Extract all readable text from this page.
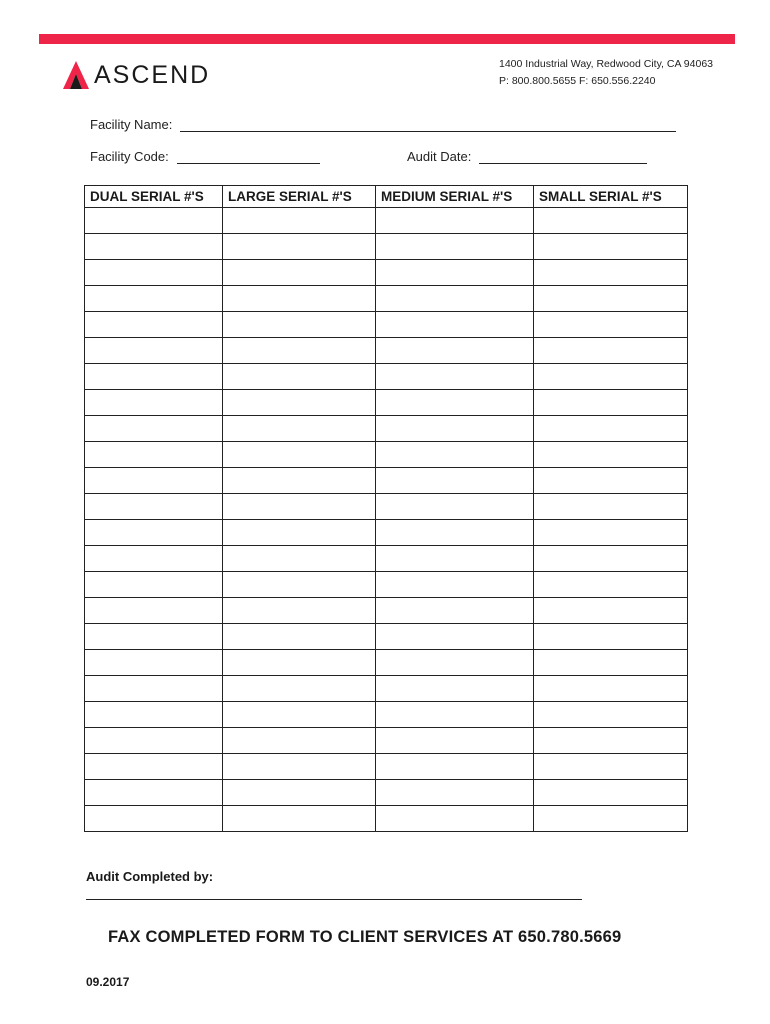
ASCEND	1400 Industrial Way, Redwood City, CA 94063
P: 800.800.5655 F: 650.556.2240
Facility Name:
Facility Code:	Audit Date:
DUAL SERIAL #'S	LARGE SERIAL #'S	MEDIUM SERIAL #'S	SMALL SERIAL #'S

Audit Completed by:
FAX COMPLETED FORM TO CLIENT SERVICES AT 650.780.5669
09.2017
